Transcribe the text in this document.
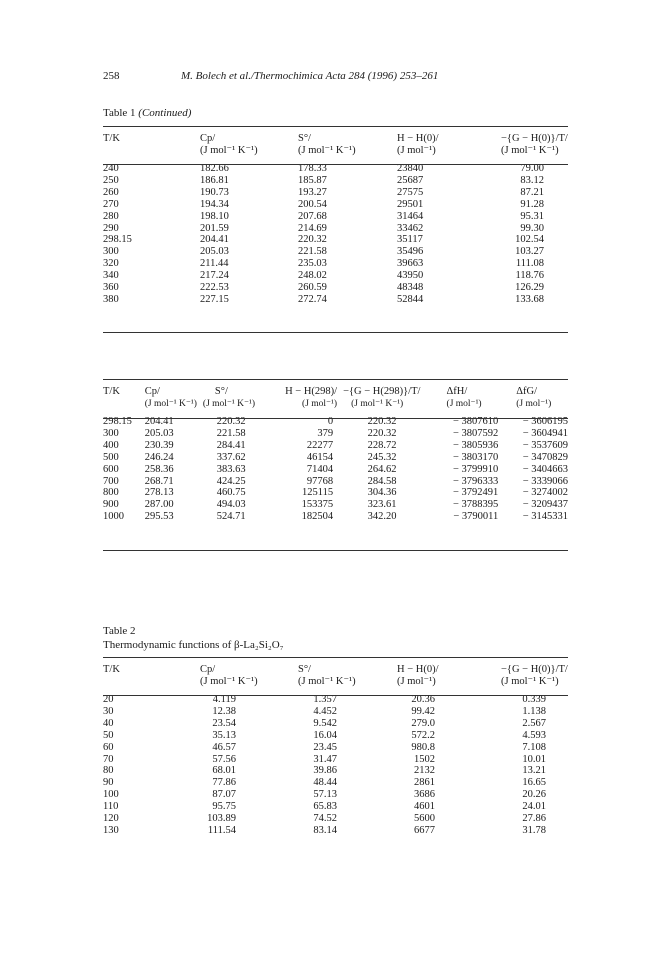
258	M. Bolech et al./Thermochimica Acta 284 (1996) 253–261
Table 1 (Continued)
T/K	Cp/	S°/	H − H(0)/	−{G − H(0)}/T/
	(J mol⁻¹ K⁻¹)	(J mol⁻¹ K⁻¹)	(J mol⁻¹)	(J mol⁻¹ K⁻¹)
240	182.66	178.33	23840	79.00
250	186.81	185.87	25687	83.12
260	190.73	193.27	27575	87.21
270	194.34	200.54	29501	91.28
280	198.10	207.68	31464	95.31
290	201.59	214.69	33462	99.30
298.15	204.41	220.32	35117	102.54
300	205.03	221.58	35496	103.27
320	211.44	235.03	39663	111.08
340	217.24	248.02	43950	118.76
360	222.53	260.59	48348	126.29
380	227.15	272.74	52844	133.68
T/K	Cp/	S°/	H − H(298)/	−{G − H(298)}/T/	ΔfH/	ΔfG/
	(J mol⁻¹ K⁻¹)	(J mol⁻¹ K⁻¹)	(J mol⁻¹)	(J mol⁻¹ K⁻¹)	(J mol⁻¹)	(J mol⁻¹)
298.15	204.41	220.32	0	220.32	− 3807610	− 3606195
300	205.03	221.58	379	220.32	− 3807592	− 3604941
400	230.39	284.41	22277	228.72	− 3805936	− 3537609
500	246.24	337.62	46154	245.32	− 3803170	− 3470829
600	258.36	383.63	71404	264.62	− 3799910	− 3404663
700	268.71	424.25	97768	284.58	− 3796333	− 3339066
800	278.13	460.75	125115	304.36	− 3792491	− 3274002
900	287.00	494.03	153375	323.61	− 3788395	− 3209437
1000	295.53	524.71	182504	342.20	− 3790011	− 3145331
Table 2
Thermodynamic functions of β-La₂Si₂O₇
T/K	Cp/	S°/	H − H(0)/	−{G − H(0)}/T/
	(J mol⁻¹ K⁻¹)	(J mol⁻¹ K⁻¹)	(J mol⁻¹)	(J mol⁻¹ K⁻¹)
20	4.119	1.357	20.36	0.339
30	12.38	4.452	99.42	1.138
40	23.54	9.542	279.0	2.567
50	35.13	16.04	572.2	4.593
60	46.57	23.45	980.8	7.108
70	57.56	31.47	1502	10.01
80	68.01	39.86	2132	13.21
90	77.86	48.44	2861	16.65
100	87.07	57.13	3686	20.26
110	95.75	65.83	4601	24.01
120	103.89	74.52	5600	27.86
130	111.54	83.14	6677	31.78
